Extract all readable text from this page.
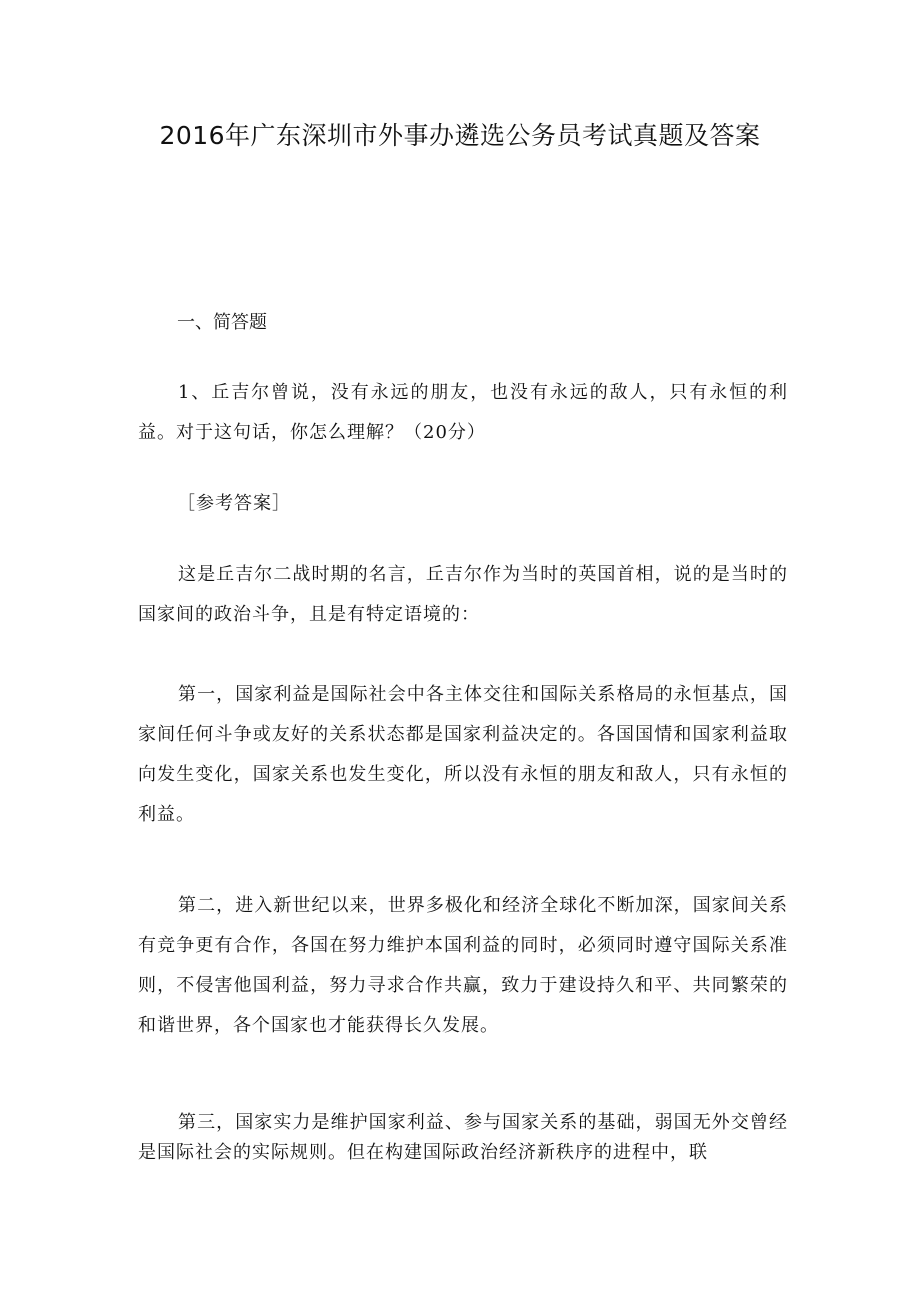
2016年广东深圳市外事办遴选公务员考试真题及答案

一、简答题

1、丘吉尔曾说，没有永远的朋友，也没有永远的敌人，只有永恒的利益。对于这句话，你怎么理解？（20分）

［参考答案］

这是丘吉尔二战时期的名言，丘吉尔作为当时的英国首相，说的是当时的国家间的政治斗争，且是有特定语境的：

第一，国家利益是国际社会中各主体交往和国际关系格局的永恒基点，国家间任何斗争或友好的关系状态都是国家利益决定的。各国国情和国家利益取向发生变化，国家关系也发生变化，所以没有永恒的朋友和敌人，只有永恒的利益。

第二，进入新世纪以来，世界多极化和经济全球化不断加深，国家间关系有竞争更有合作，各国在努力维护本国利益的同时，必须同时遵守国际关系准则，不侵害他国利益，努力寻求合作共赢，致力于建设持久和平、共同繁荣的和谐世界，各个国家也才能获得长久发展。

第三，国家实力是维护国家利益、参与国家关系的基础，弱国无外交曾经是国际社会的实际规则。但在构建国际政治经济新秩序的进程中，联
